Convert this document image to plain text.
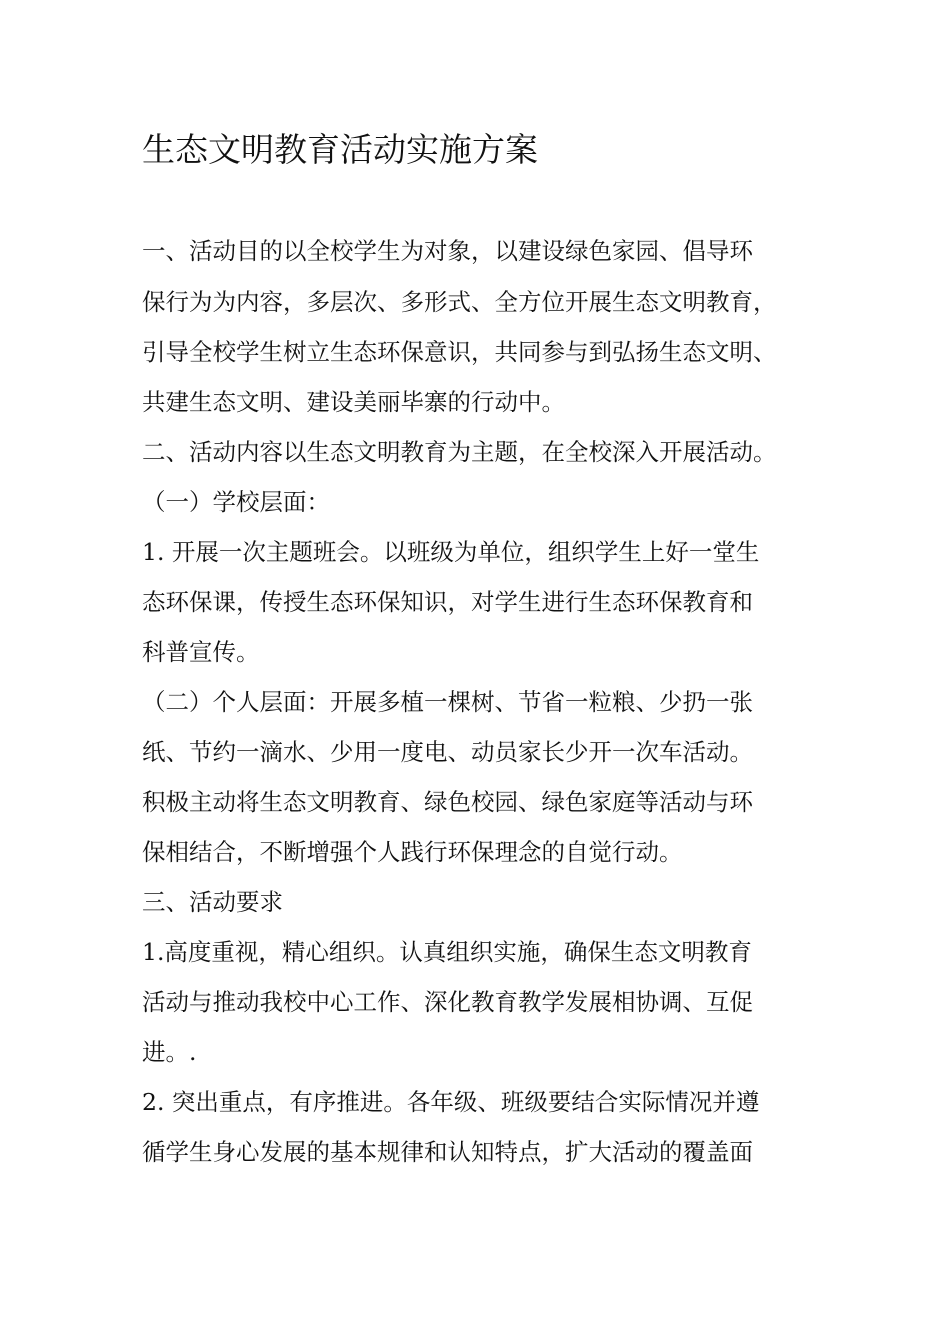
生态文明教育活动实施方案
一、活动目的以全校学生为对象，以建设绿色家园、倡导环
保行为为内容，多层次、多形式、全方位开展生态文明教育，
引导全校学生树立生态环保意识，共同参与到弘扬生态文明、
共建生态文明、建设美丽毕寨的行动中。
二、活动内容以生态文明教育为主题，在全校深入开展活动。
（一）学校层面：
1. 开展一次主题班会。以班级为单位，组织学生上好一堂生
态环保课，传授生态环保知识，对学生进行生态环保教育和
科普宣传。
（二）个人层面：开展多植一棵树、节省一粒粮、少扔一张
纸、节约一滴水、少用一度电、动员家长少开一次车活动。
积极主动将生态文明教育、绿色校园、绿色家庭等活动与环
保相结合，不断增强个人践行环保理念的自觉行动。
三、活动要求
1.高度重视，精心组织。认真组织实施，确保生态文明教育
活动与推动我校中心工作、深化教育教学发展相协调、互促
进。.
2. 突出重点，有序推进。各年级、班级要结合实际情况并遵
循学生身心发展的基本规律和认知特点，扩大活动的覆盖面
